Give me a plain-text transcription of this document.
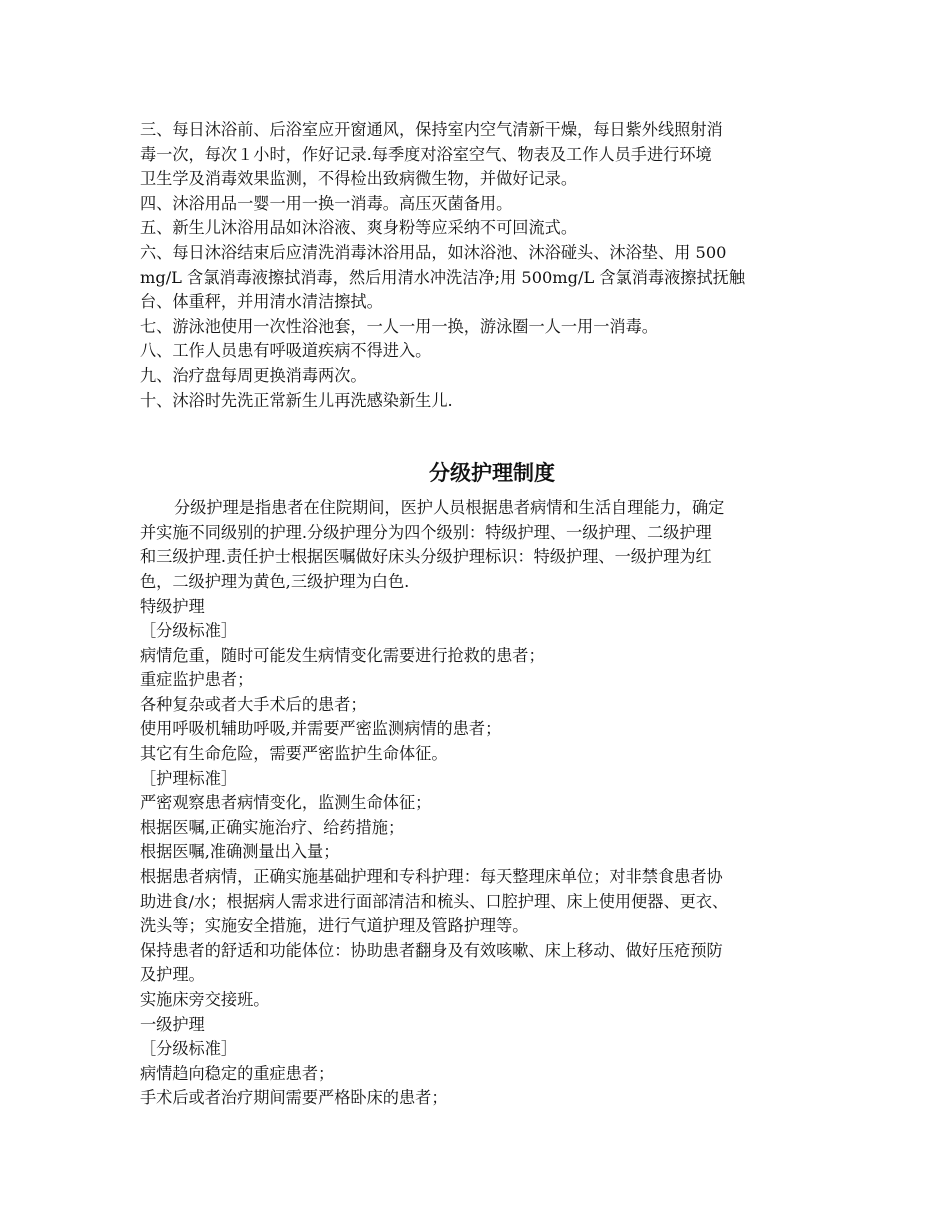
三、每日沐浴前、后浴室应开窗通风，保持室内空气清新干燥，每日紫外线照射消
毒一次，每次１小时，作好记录.每季度对浴室空气、物表及工作人员手进行环境
卫生学及消毒效果监测，不得检出致病微生物，并做好记录。
四、沐浴用品一婴一用一换一消毒。高压灭菌备用。
五、新生儿沐浴用品如沐浴液、爽身粉等应采纳不可回流式。
六、每日沐浴结束后应清洗消毒沐浴用品，如沐浴池、沐浴碰头、沐浴垫、用 500
mg/L 含氯消毒液擦拭消毒，然后用清水冲洗洁净;用 500mg/L 含氯消毒液擦拭抚触
台、体重秤，并用清水清洁擦拭。
七、游泳池使用一次性浴池套，一人一用一换，游泳圈一人一用一消毒。
八、工作人员患有呼吸道疾病不得进入。
九、治疗盘每周更换消毒两次。
十、沐浴时先洗正常新生儿再洗感染新生儿.
分级护理制度
分级护理是指患者在住院期间，医护人员根据患者病情和生活自理能力，确定
并实施不同级别的护理.分级护理分为四个级别：特级护理、一级护理、二级护理
和三级护理.责任护士根据医嘱做好床头分级护理标识：特级护理、一级护理为红
色，二级护理为黄色,三级护理为白色.
特级护理
［分级标准］
病情危重，随时可能发生病情变化需要进行抢救的患者；
重症监护患者；
各种复杂或者大手术后的患者；
使用呼吸机辅助呼吸,并需要严密监测病情的患者；
其它有生命危险，需要严密监护生命体征。
［护理标准］
严密观察患者病情变化，监测生命体征；
根据医嘱,正确实施治疗、给药措施；
根据医嘱,准确测量出入量；
根据患者病情，正确实施基础护理和专科护理：每天整理床单位；对非禁食患者协
助进食/水；根据病人需求进行面部清洁和梳头、口腔护理、床上使用便器、更衣、
洗头等；实施安全措施，进行气道护理及管路护理等。
保持患者的舒适和功能体位：协助患者翻身及有效咳嗽、床上移动、做好压疮预防
及护理。
实施床旁交接班。
一级护理
［分级标准］
病情趋向稳定的重症患者；
手术后或者治疗期间需要严格卧床的患者；
